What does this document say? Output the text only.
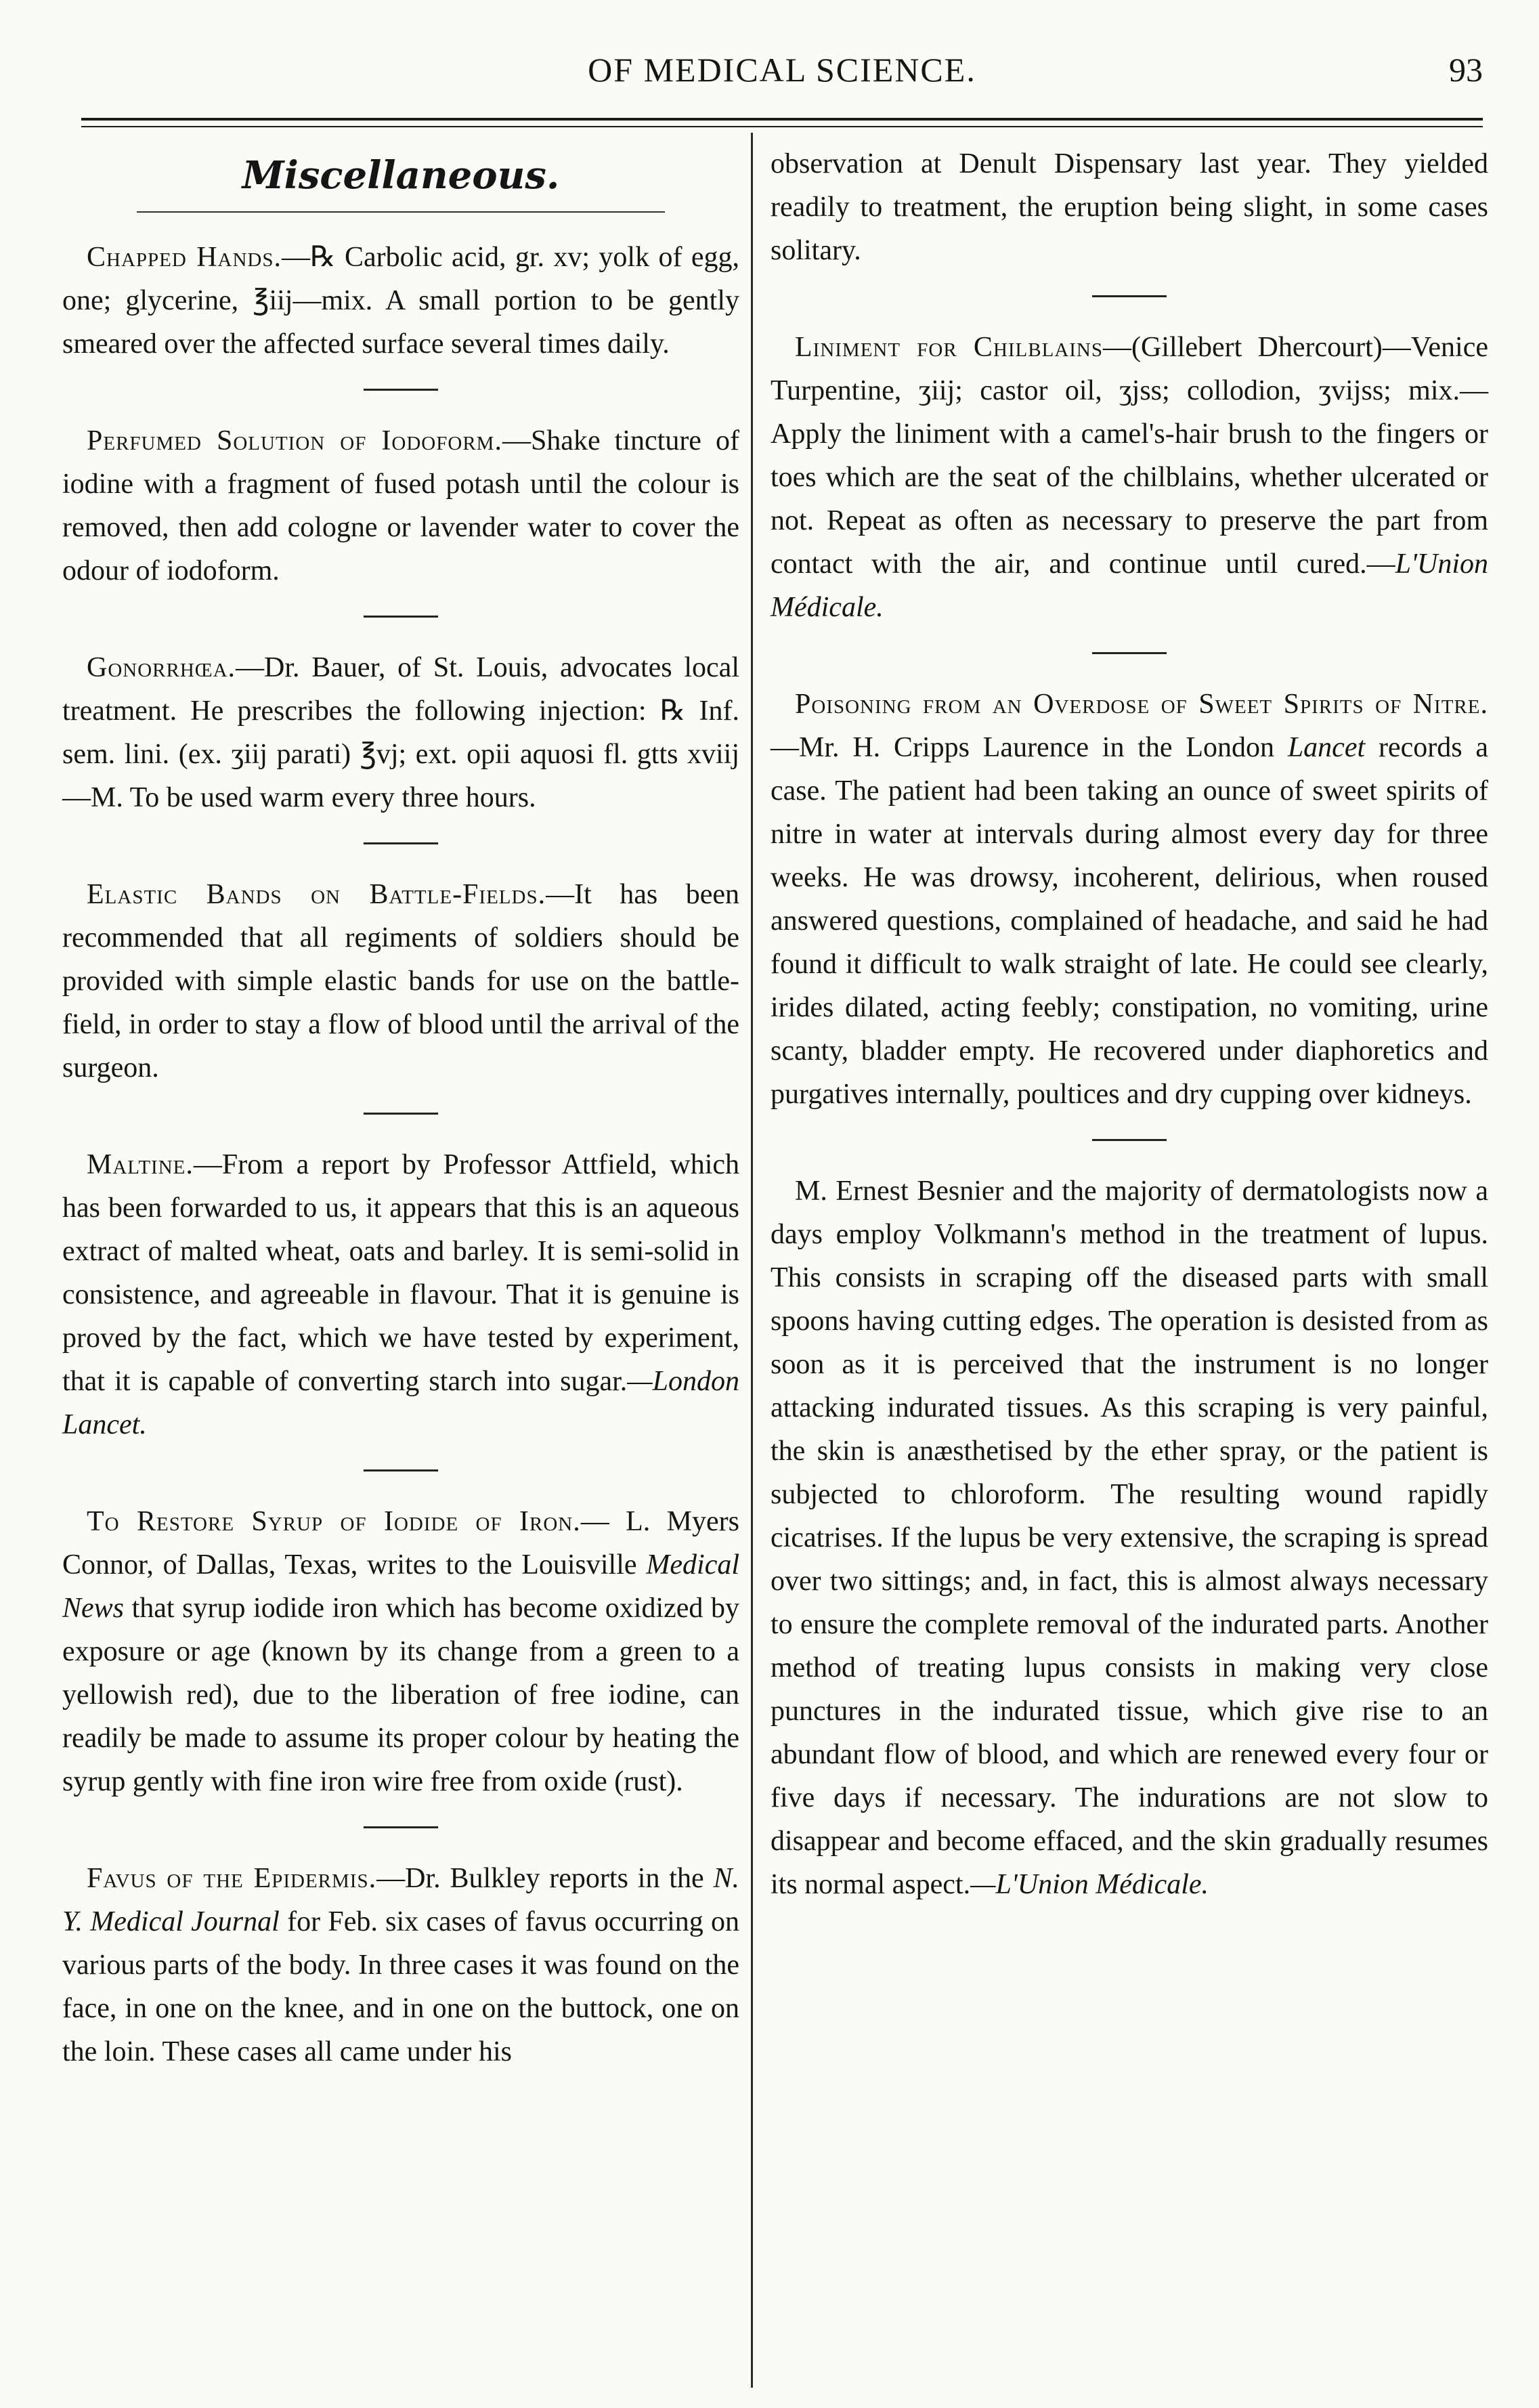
OF MEDICAL SCIENCE.	93
Miscellaneous.

Chapped Hands.—℞ Carbolic acid, gr. xv; yolk of egg, one; glycerine, ℥iij—mix. A small portion to be gently smeared over the affected surface several times daily.

Perfumed Solution of Iodoform.—Shake tincture of iodine with a fragment of fused potash until the colour is removed, then add cologne or lavender water to cover the odour of iodoform.

Gonorrhœa.—Dr. Bauer, of St. Louis, advocates local treatment. He prescribes the following injection: ℞ Inf. sem. lini. (ex. ʒiij parati) ℥vj; ext. opii aquosi fl. gtts xviij—M. To be used warm every three hours.

Elastic Bands on Battle-Fields.—It has been recommended that all regiments of soldiers should be provided with simple elastic bands for use on the battle-field, in order to stay a flow of blood until the arrival of the surgeon.

Maltine.—From a report by Professor Attfield, which has been forwarded to us, it appears that this is an aqueous extract of malted wheat, oats and barley. It is semi-solid in consistence, and agreeable in flavour. That it is genuine is proved by the fact, which we have tested by experiment, that it is capable of converting starch into sugar.—London Lancet.

To Restore Syrup of Iodide of Iron.— L. Myers Connor, of Dallas, Texas, writes to the Louisville Medical News that syrup iodide iron which has become oxidized by exposure or age (known by its change from a green to a yellowish red), due to the liberation of free iodine, can readily be made to assume its proper colour by heating the syrup gently with fine iron wire free from oxide (rust).

Favus of the Epidermis.—Dr. Bulkley reports in the N. Y. Medical Journal for Feb. six cases of favus occurring on various parts of the body. In three cases it was found on the face, in one on the knee, and in one on the buttock, one on the loin. These cases all came under his

observation at Denult Dispensary last year. They yielded readily to treatment, the eruption being slight, in some cases solitary.

Liniment for Chilblains—(Gillebert Dhercourt)—Venice Turpentine, ʒiij; castor oil, ʒjss; collodion, ʒvijss; mix.—Apply the liniment with a camel's-hair brush to the fingers or toes which are the seat of the chilblains, whether ulcerated or not. Repeat as often as necessary to preserve the part from contact with the air, and continue until cured.—L'Union Médicale.

Poisoning from an Overdose of Sweet Spirits of Nitre.—Mr. H. Cripps Laurence in the London Lancet records a case. The patient had been taking an ounce of sweet spirits of nitre in water at intervals during almost every day for three weeks. He was drowsy, incoherent, delirious, when roused answered questions, complained of headache, and said he had found it difficult to walk straight of late. He could see clearly, irides dilated, acting feebly; constipation, no vomiting, urine scanty, bladder empty. He recovered under diaphoretics and purgatives internally, poultices and dry cupping over kidneys.

M. Ernest Besnier and the majority of dermatologists now a days employ Volkmann's method in the treatment of lupus. This consists in scraping off the diseased parts with small spoons having cutting edges. The operation is desisted from as soon as it is perceived that the instrument is no longer attacking indurated tissues. As this scraping is very painful, the skin is anæsthetised by the ether spray, or the patient is subjected to chloroform. The resulting wound rapidly cicatrises. If the lupus be very extensive, the scraping is spread over two sittings; and, in fact, this is almost always necessary to ensure the complete removal of the indurated parts. Another method of treating lupus consists in making very close punctures in the indurated tissue, which give rise to an abundant flow of blood, and which are renewed every four or five days if necessary. The indurations are not slow to disappear and become effaced, and the skin gradually resumes its normal aspect.—L'Union Médicale.
